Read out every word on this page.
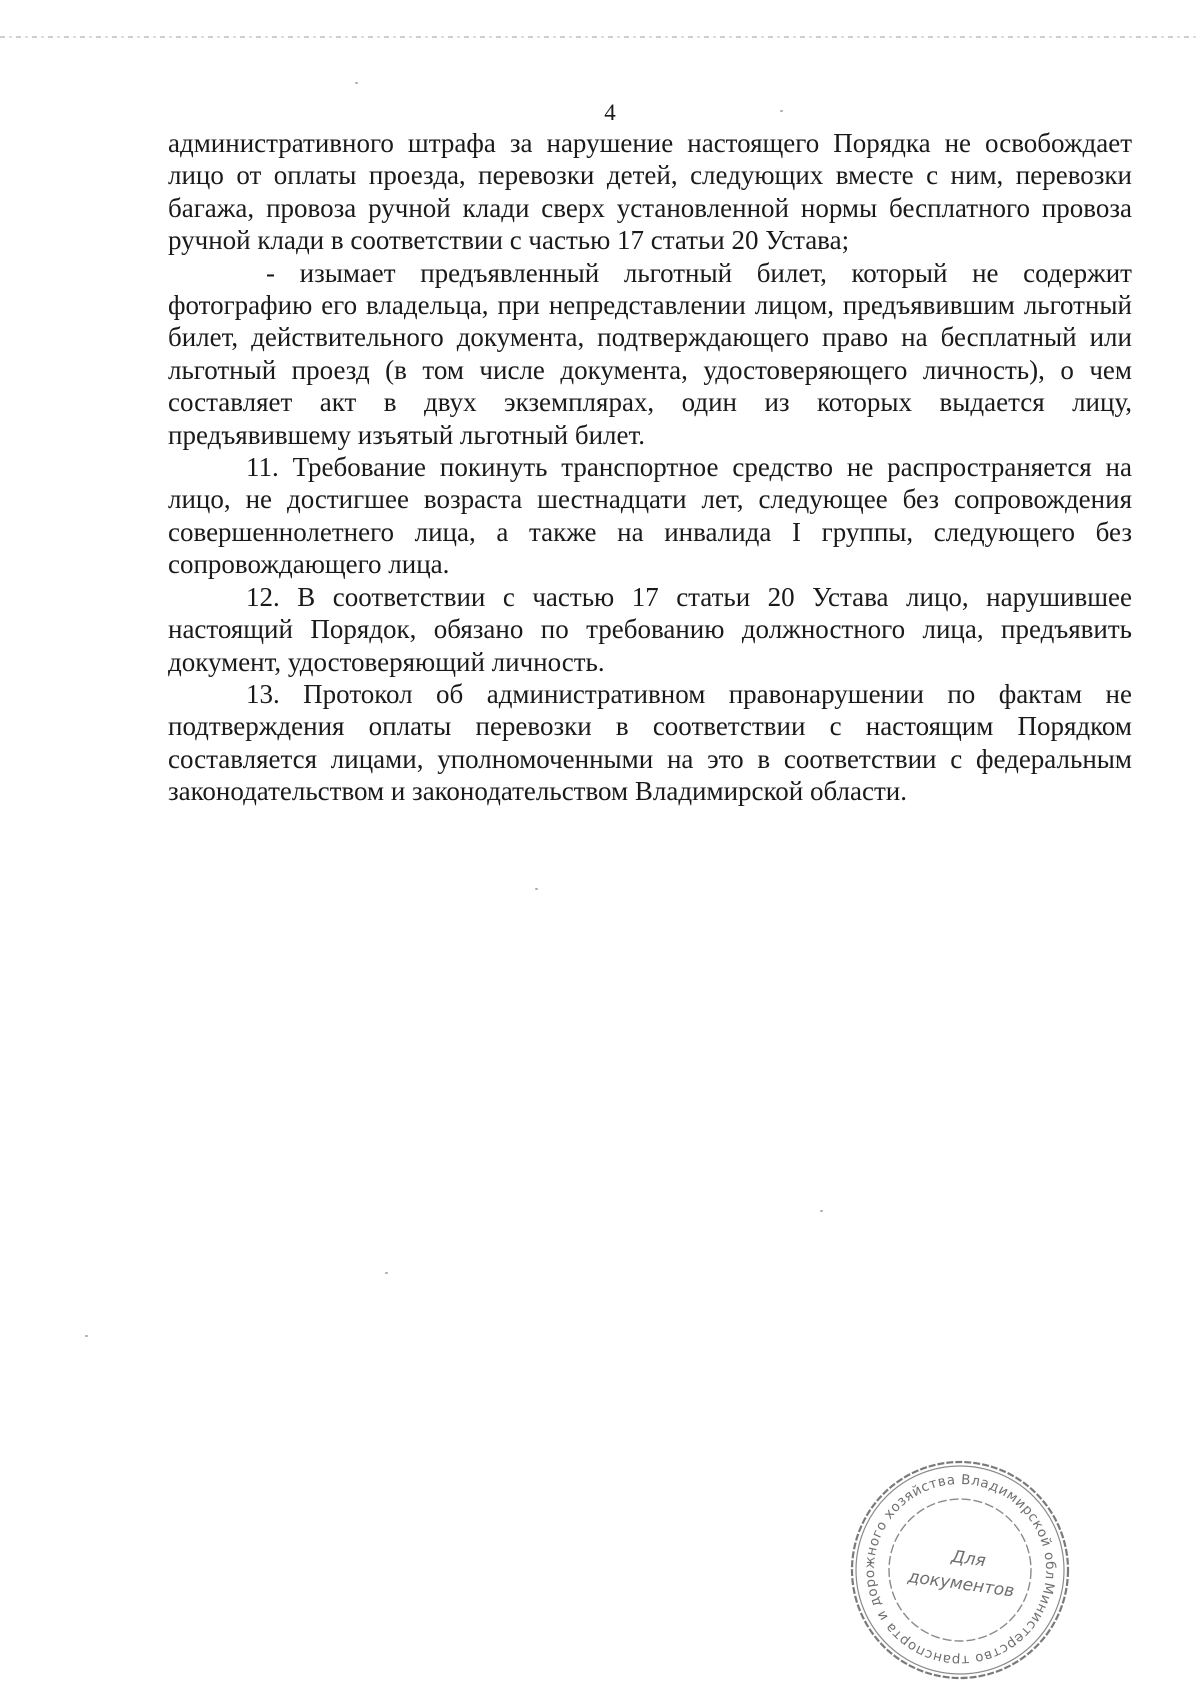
4

административного штрафа за нарушение настоящего Порядка не освобождает лицо от оплаты проезда, перевозки детей, следующих вместе с ним, перевозки багажа, провоза ручной клади сверх установленной нормы бесплатного провоза ручной клади в соответствии с частью 17 статьи 20 Устава;

- изымает предъявленный льготный билет, который не содержит фотографию его владельца, при непредставлении лицом, предъявившим льготный билет, действительного документа, подтверждающего право на бесплатный или льготный проезд (в том числе документа, удостоверяющего личность), о чем составляет акт в двух экземплярах, один из которых выдается лицу, предъявившему изъятый льготный билет.

11. Требование покинуть транспортное средство не распространяется на лицо, не достигшее возраста шестнадцати лет, следующее без сопровождения совершеннолетнего лица, а также на инвалида I группы, следующего без сопровождающего лица.

12. В соответствии с частью 17 статьи 20 Устава лицо, нарушившее настоящий Порядок, обязано по требованию должностного лица, предъявить документ, удостоверяющий личность.

13. Протокол об административном правонарушении по фактам не подтверждения оплаты перевозки в соответствии с настоящим Порядком составляется лицами, уполномоченными на это в соответствии с федеральным законодательством и законодательством Владимирской области.

Министерство транспорта и дорожного хозяйства Владимирской области
Для
документов
